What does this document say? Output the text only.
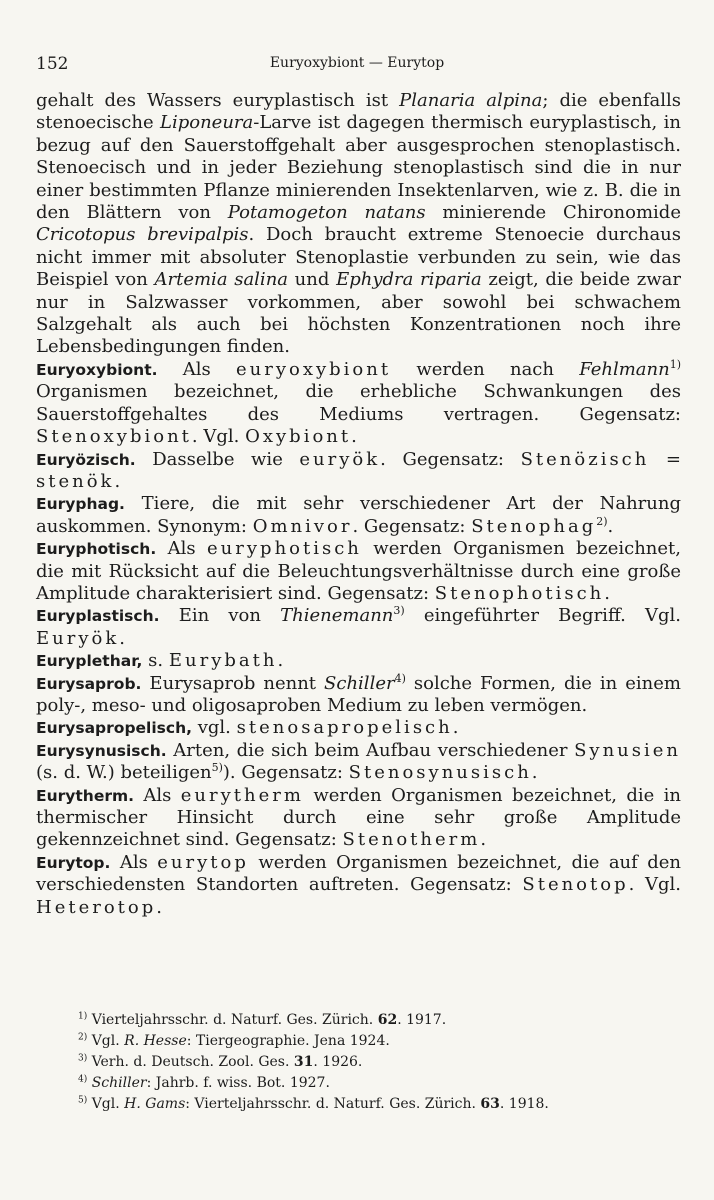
152	Euryoxybiont — Eurytop

gehalt des Wassers euryplastisch ist Planaria alpina; die ebenfalls stenoecische Liponeura-Larve ist dagegen thermisch euryplastisch, in bezug auf den Sauerstoffgehalt aber ausgesprochen stenoplastisch. Stenoecisch und in jeder Beziehung stenoplastisch sind die in nur einer bestimmten Pflanze minierenden Insektenlarven, wie z. B. die in den Blättern von Potamogeton natans minierende Chironomide Cricotopus brevipalpis. Doch braucht extreme Stenoecie durchaus nicht immer mit absoluter Stenoplastie verbunden zu sein, wie das Beispiel von Artemia salina und Ephydra riparia zeigt, die beide zwar nur in Salzwasser vorkommen, aber sowohl bei schwachem Salzgehalt als auch bei höchsten Konzentrationen noch ihre Lebensbedingungen finden.

Euryoxybiont. Als euryoxybiont werden nach Fehlmann$^{1)}$ Organismen bezeichnet, die erhebliche Schwankungen des Sauerstoffgehaltes des Mediums vertragen. Gegensatz: Stenoxybiont. Vgl. Oxybiont.

Euryözisch. Dasselbe wie euryök. Gegensatz: Stenözisch = stenök.

Euryphag. Tiere, die mit sehr verschiedener Art der Nahrung auskommen. Synonym: Omnivor. Gegensatz: Stenophag$^{2)}$.

Euryphotisch. Als euryphotisch werden Organismen bezeichnet, die mit Rücksicht auf die Beleuchtungsverhältnisse durch eine große Amplitude charakterisiert sind. Gegensatz: Stenophotisch.

Euryplastisch. Ein von Thienemann$^{3)}$ eingeführter Begriff. Vgl. Euryök.

Euryplethar, s. Eurybath.

Eurysaprob. Eurysaprob nennt Schiller$^{4)}$ solche Formen, die in einem poly-, meso- und oligosaproben Medium zu leben vermögen.

Eurysapropelisch, vgl. stenosapropelisch.

Eurysynusisch. Arten, die sich beim Aufbau verschiedener Synusien (s. d. W.) beteiligen$^{5)}$). Gegensatz: Stenosynusisch.

Eurytherm. Als eurytherm werden Organismen bezeichnet, die in thermischer Hinsicht durch eine sehr große Amplitude gekennzeichnet sind. Gegensatz: Stenotherm.

Eurytop. Als eurytop werden Organismen bezeichnet, die auf den verschiedensten Standorten auftreten. Gegensatz: Stenotop. Vgl. Heterotop.

$^{1)}$ Vierteljahrsschr. d. Naturf. Ges. Zürich. 62. 1917.

$^{2)}$ Vgl. R. Hesse: Tiergeographie. Jena 1924.

$^{3)}$ Verh. d. Deutsch. Zool. Ges. 31. 1926.

$^{4)}$ Schiller: Jahrb. f. wiss. Bot. 1927.

$^{5)}$ Vgl. H. Gams: Vierteljahrsschr. d. Naturf. Ges. Zürich. 63. 1918.
